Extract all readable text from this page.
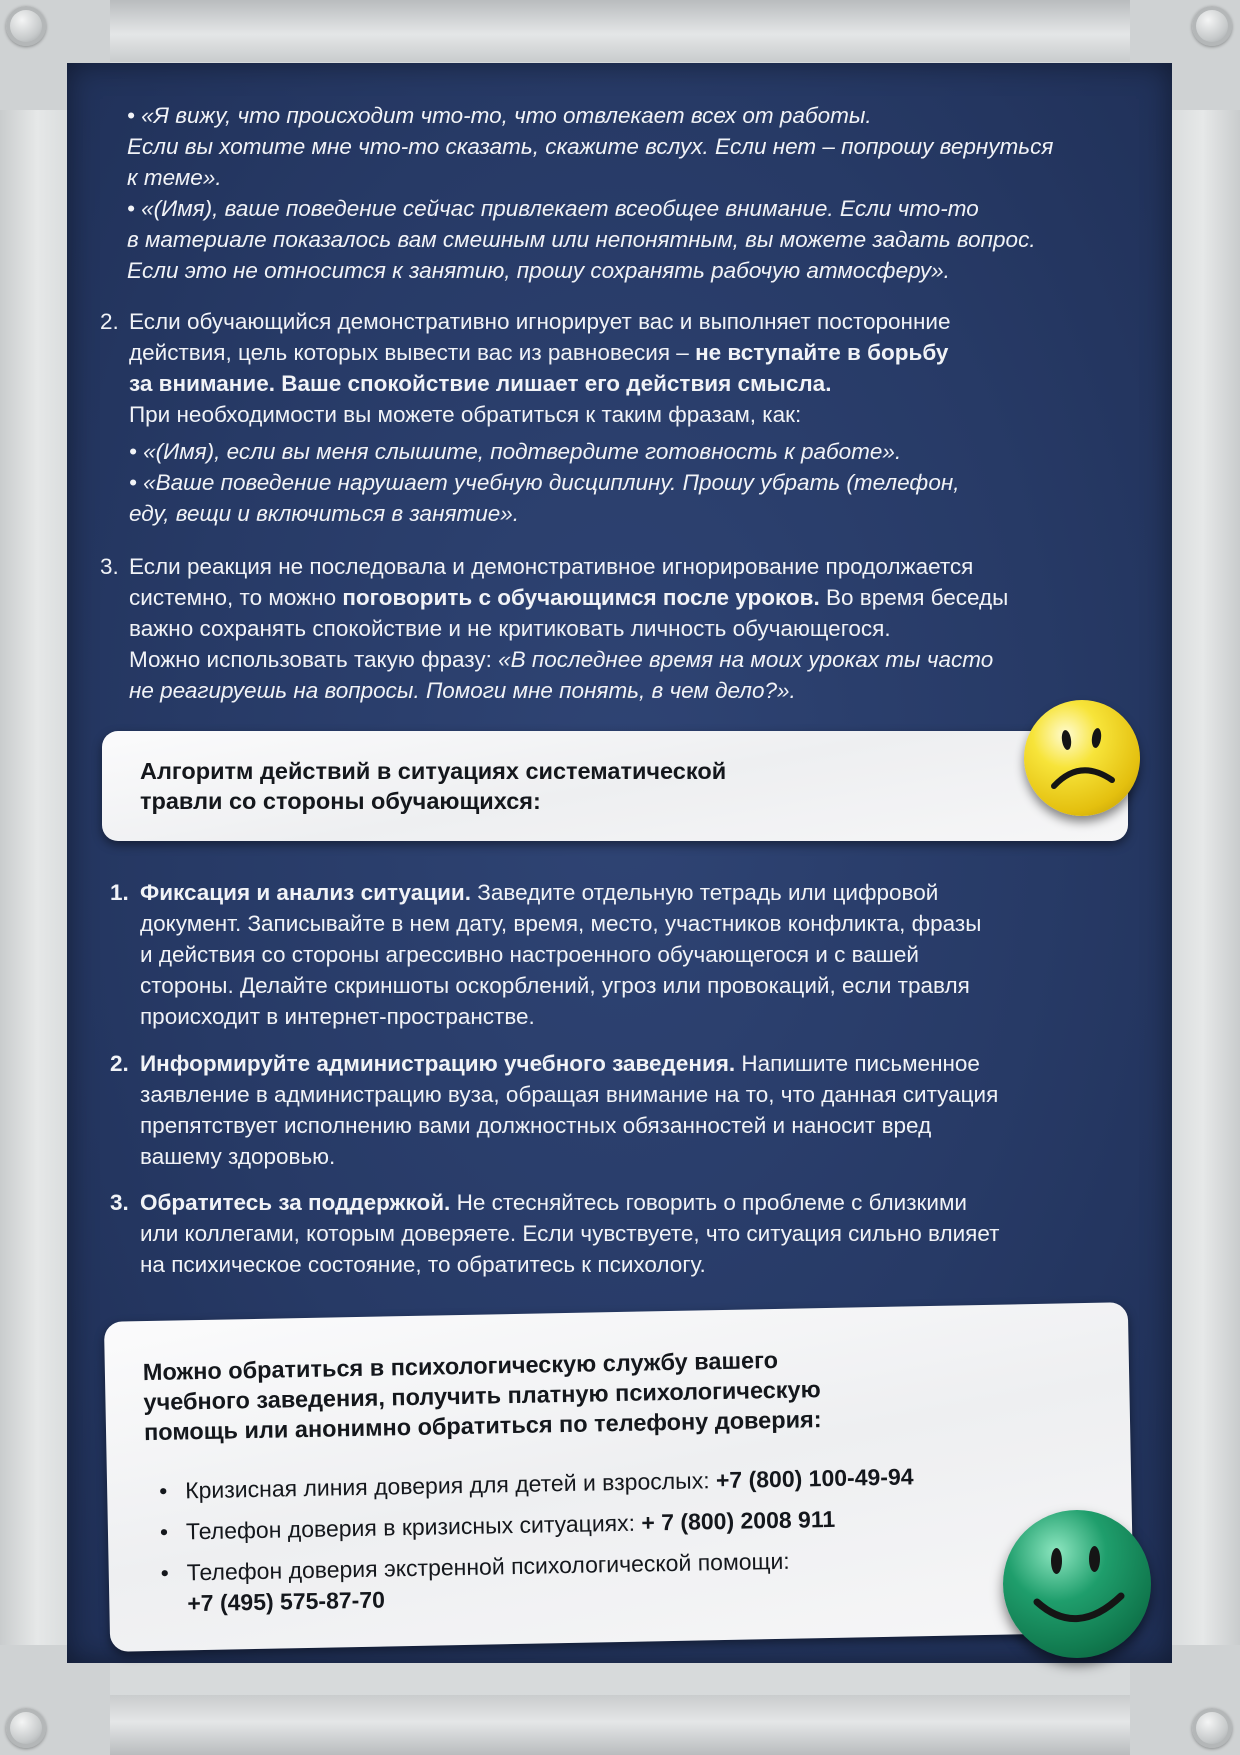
• «Я вижу, что происходит что-то, что отвлекает всех от работы.

Если вы хотите мне что-то сказать, скажите вслух. Если нет – попрошу вернуться

к теме».

• «(Имя), ваше поведение сейчас привлекает всеобщее внимание. Если что-то

в материале показалось вам смешным или непонятным, вы можете задать вопрос.

Если это не относится к занятию, прошу сохранять рабочую атмосферу».

2. Если обучающийся демонстративно игнорирует вас и выполняет посторонние

действия, цель которых вывести вас из равновесия – не вступайте в борьбу

за внимание. Ваше спокойствие лишает его действия смысла.

При необходимости вы можете обратиться к таким фразам, как:

• «(Имя), если вы меня слышите, подтвердите готовность к работе».

• «Ваше поведение нарушает учебную дисциплину. Прошу убрать (телефон,

еду, вещи и включиться в занятие».

3. Если реакция не последовала и демонстративное игнорирование продолжается

системно, то можно поговорить с обучающимся после уроков. Во время беседы

важно сохранять спокойствие и не критиковать личность обучающегося.

Можно использовать такую фразу: «В последнее время на моих уроках ты часто

не реагируешь на вопросы. Помоги мне понять, в чем дело?».

Алгоритм действий в ситуациях систематической

травли со стороны обучающихся:

1. Фиксация и анализ ситуации. Заведите отдельную тетрадь или цифровой

документ. Записывайте в нем дату, время, место, участников конфликта, фразы

и действия со стороны агрессивно настроенного обучающегося и с вашей

стороны. Делайте скриншоты оскорблений, угроз или провокаций, если травля

происходит в интернет-пространстве.

2. Информируйте администрацию учебного заведения. Напишите письменное

заявление в администрацию вуза, обращая внимание на то, что данная ситуация

препятствует исполнению вами должностных обязанностей и наносит вред

вашему здоровью.

3. Обратитесь за поддержкой. Не стесняйтесь говорить о проблеме с близкими

или коллегами, которым доверяете. Если чувствуете, что ситуация сильно влияет

на психическое состояние, то обратитесь к психологу.

Можно обратиться в психологическую службу вашего

учебного заведения, получить платную психологическую

помощь или анонимно обратиться по телефону доверия:

• Кризисная линия доверия для детей и взрослых: +7 (800) 100-49-94
• Телефон доверия в кризисных ситуациях: + 7 (800) 2008 911
• Телефон доверия экстренной психологической помощи:

+7 (495) 575-87-70
